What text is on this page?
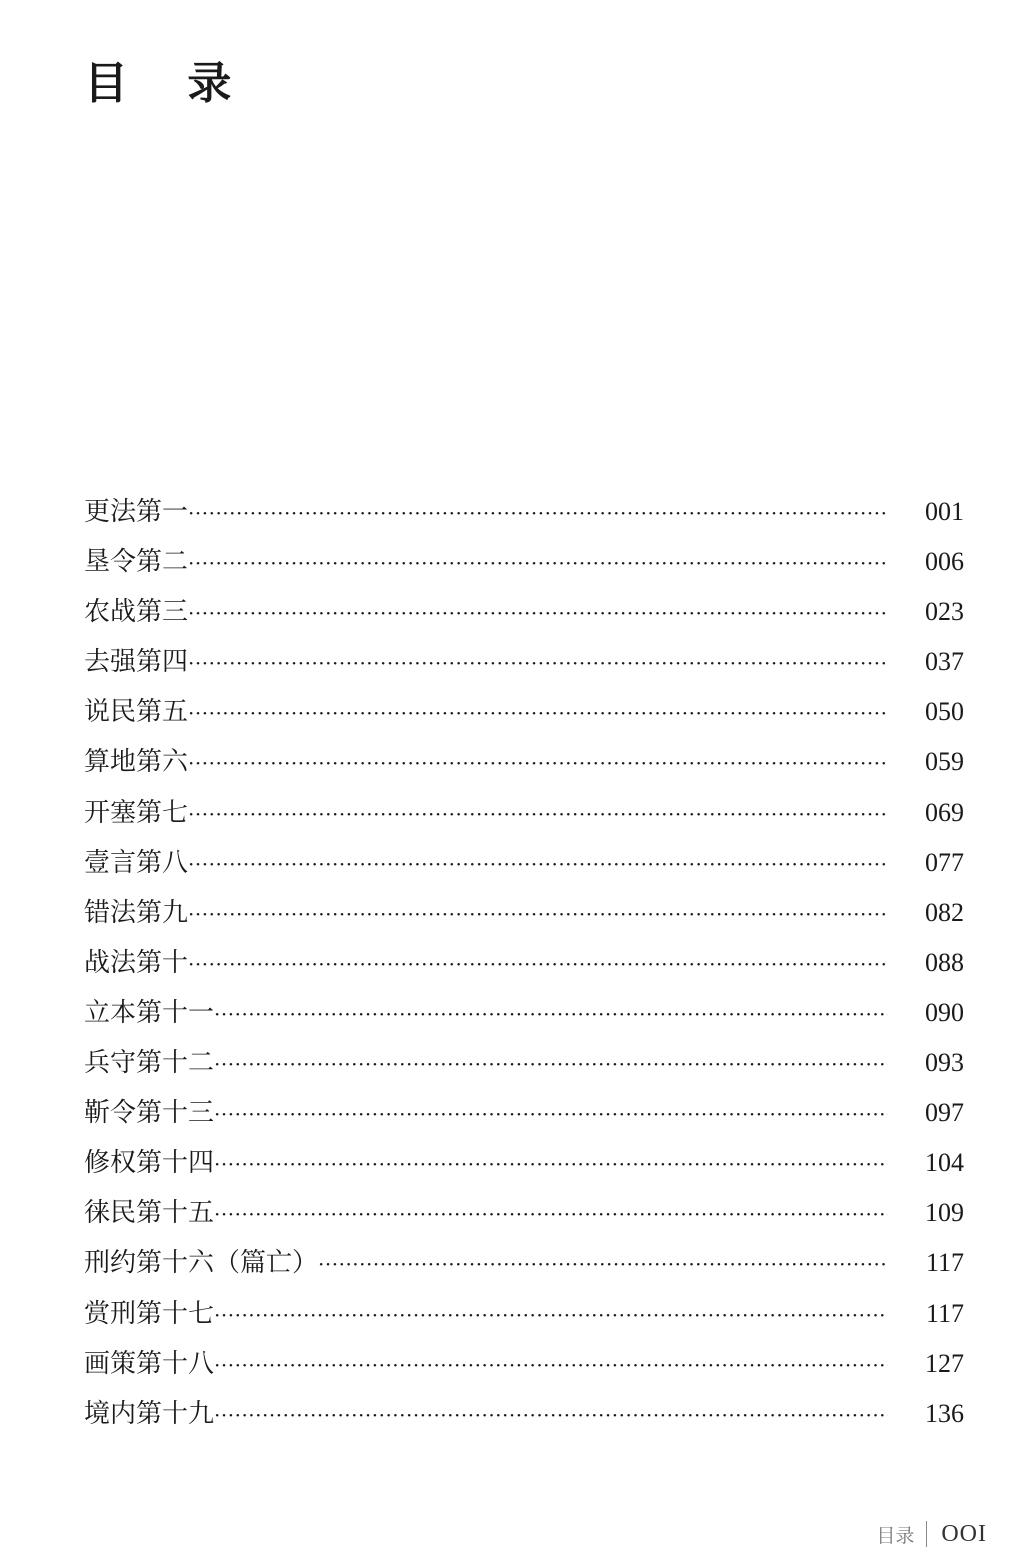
目 录
更法第一 ·····	001
垦令第二 ·····	006
农战第三 ·····	023
去强第四 ·····	037
说民第五 ·····	050
算地第六 ·····	059
开塞第七 ·····	069
壹言第八 ·····	077
错法第九 ·····	082
战法第十 ·····	088
立本第十一 ·····	090
兵守第十二 ·····	093
靳令第十三 ·····	097
修权第十四 ·····	104
徕民第十五 ·····	109
刑约第十六（篇亡） ·····	117
赏刑第十七 ·····	117
画策第十八 ·····	127
境内第十九 ·····	136
目录 OOI
